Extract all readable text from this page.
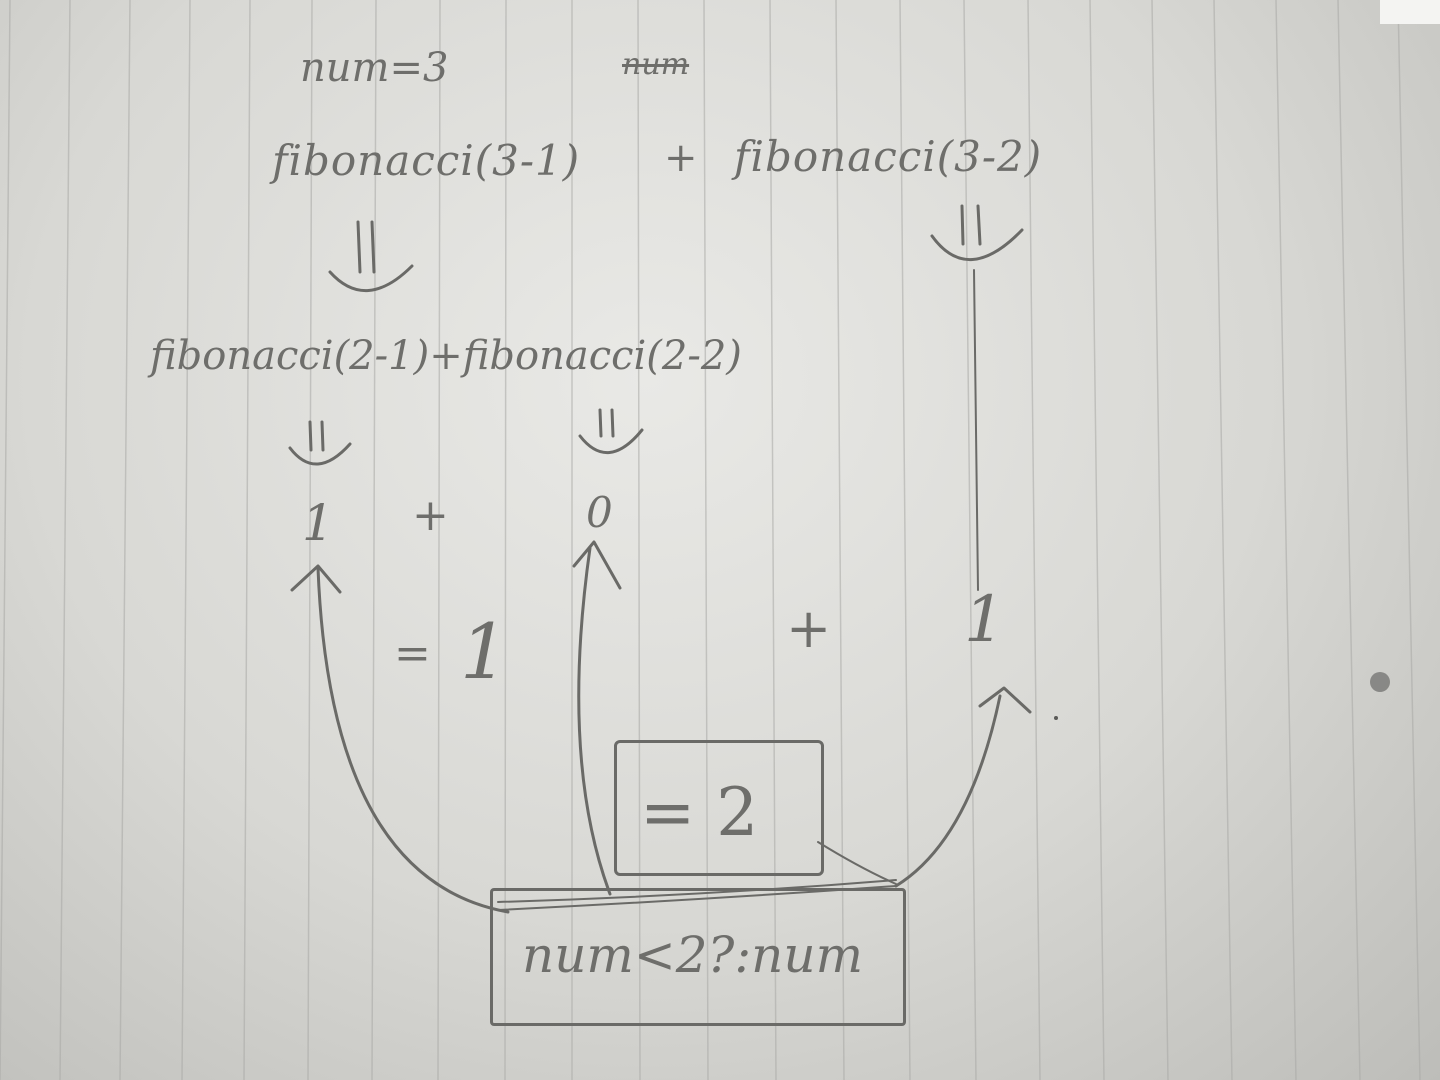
num=3	num
fibonacci(3-1) + fibonacci(3-2)
fibonacci(2-1)+fibonacci(2-2)
1 +	0
= 1	+ 1
= 2
num<2?:num
